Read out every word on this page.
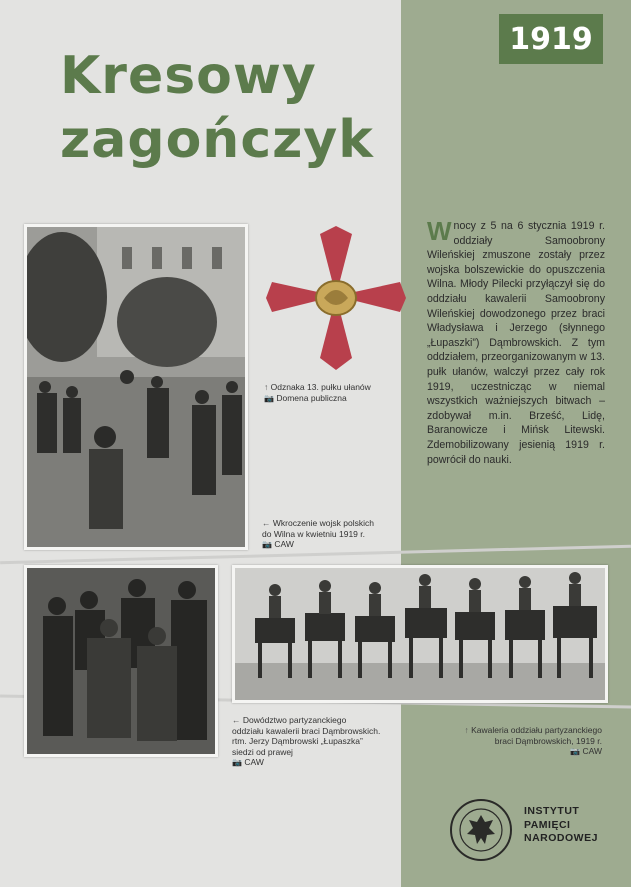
1919
Kresowy
zagończyk
↑ Odznaka 13. pułku ułanów
📷 Domena publiczna
← Wkroczenie wojsk polskich
do Wilna w kwietniu 1919 r.
📷 CAW

Wnocy z 5 na 6 stycznia 1919 r. oddziały Samoobrony Wileńskiej zmuszone zostały przez wojska bolszewickie do opuszczenia Wilna. Młody Pilecki przyłączył się do oddziału kawalerii Samoobrony Wileńskiej dowodzonego przez braci Władysława i Jerzego (słynnego „Łupaszki”) Dąmbrowskich. Z tym oddziałem, przeorganizowanym w 13. pułk ułanów, walczył przez cały rok 1919, uczestnicząc w niemal wszystkich ważniejszych bitwach – zdobywał m.in. Brześć, Lidę, Baranowicze i Mińsk Litewski. Zdemobilizowany jesienią 1919 r. powrócił do nauki.

← Dowództwo partyzanckiego
oddziału kawalerii braci Dąmbrowskich.
rtm. Jerzy Dąmbrowski „Łupaszka”
siedzi od prawej
📷 CAW
↑ Kawaleria oddziału partyzanckiego
braci Dąmbrowskich, 1919 r.
📷 CAW
INSTYTUT
PAMIĘCI
NARODOWEJ
